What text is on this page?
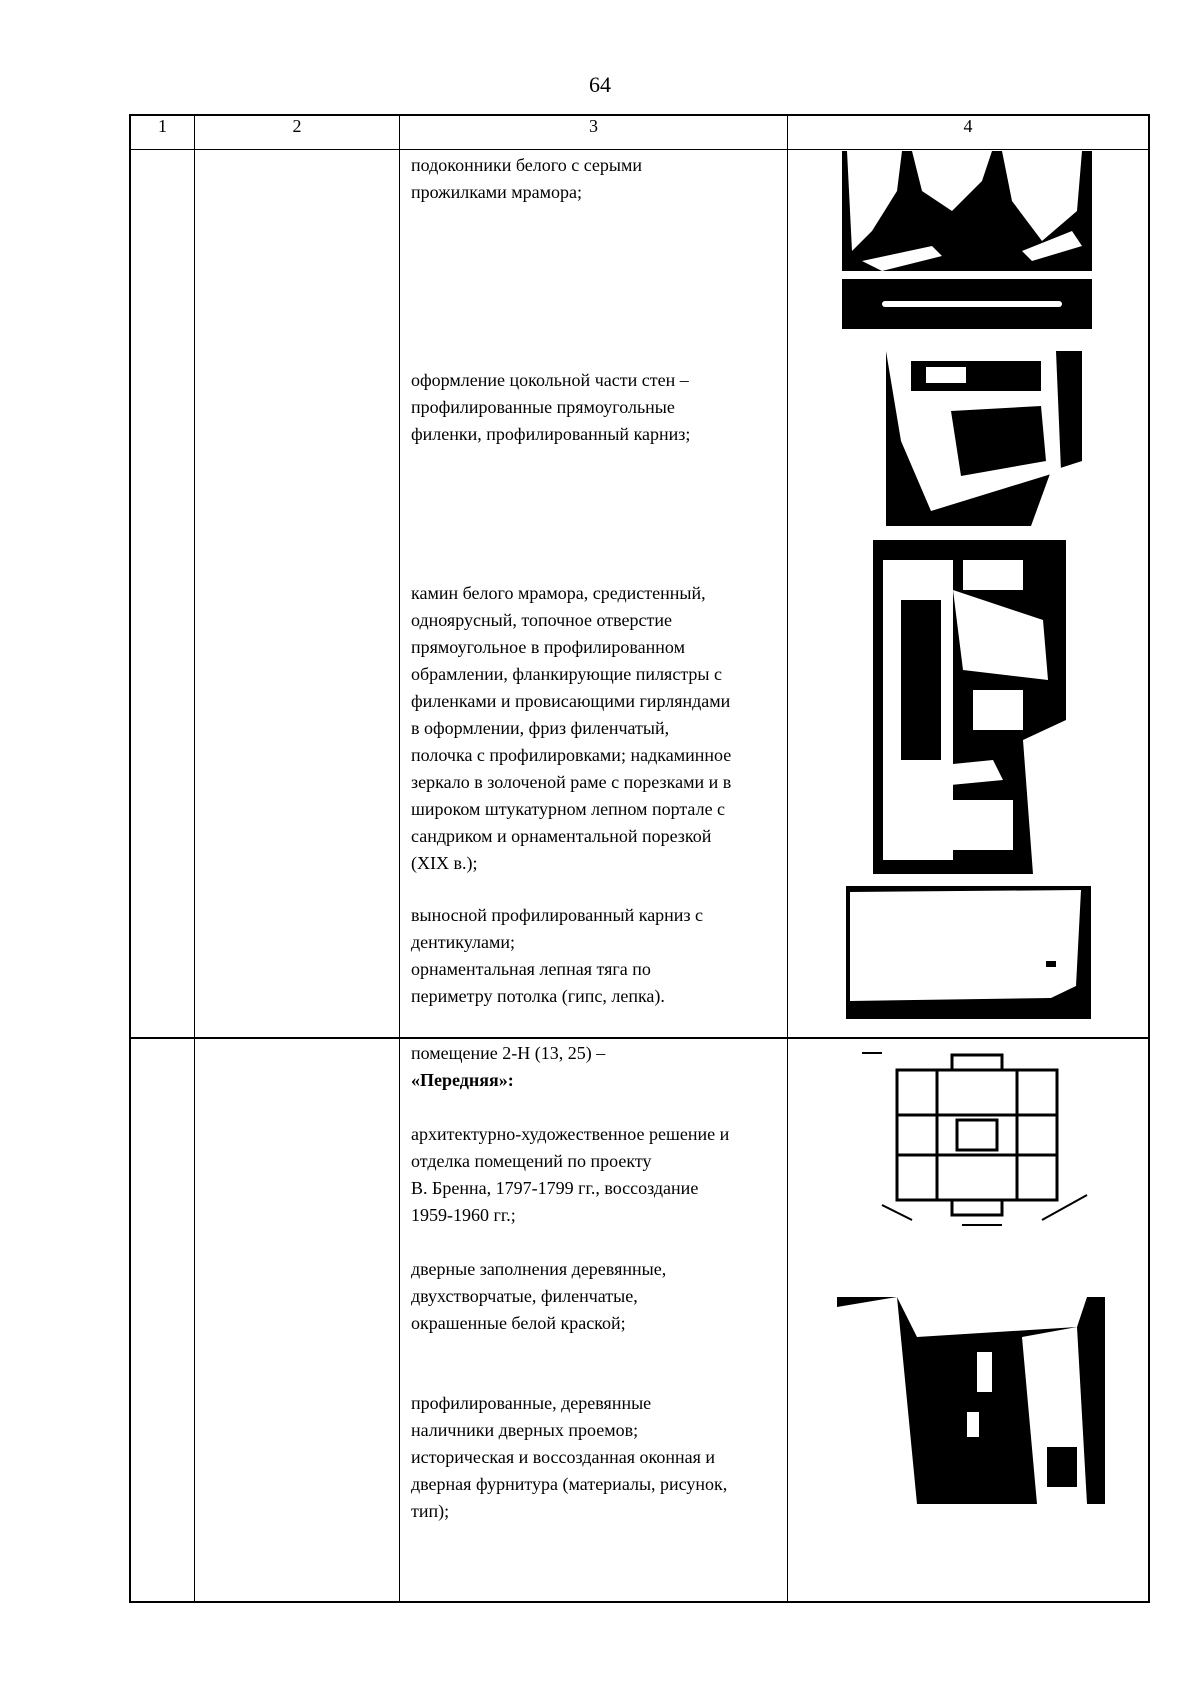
64
1	2	3	4

подоконники белого с серыми

прожилками мрамора;

оформление цокольной части стен –

профилированные прямоугольные

филенки, профилированный карниз;

камин белого мрамора, средистенный,

одноярусный, топочное отверстие

прямоугольное в профилированном

обрамлении, фланкирующие пилястры с

филенками и провисающими гирляндами

в оформлении, фриз филенчатый,

полочка с профилировками; надкаминное

зеркало в золоченой раме с порезками и в

широком штукатурном лепном портале с

сандриком и орнаментальной порезкой

(XIX в.);

выносной профилированный карниз с

дентикулами;

орнаментальная лепная тяга по

периметру потолка (гипс, лепка).

помещение 2-Н (13, 25) –

«Передняя»:

архитектурно-художественное решение и

отделка помещений по проекту

В. Бренна, 1797-1799 гг., воссоздание

1959-1960 гг.;

дверные заполнения деревянные,

двухстворчатые, филенчатые,

окрашенные белой краской;

профилированные, деревянные

наличники дверных проемов;

историческая и воссозданная оконная и

дверная фурнитура (материалы, рисунок,

тип);
